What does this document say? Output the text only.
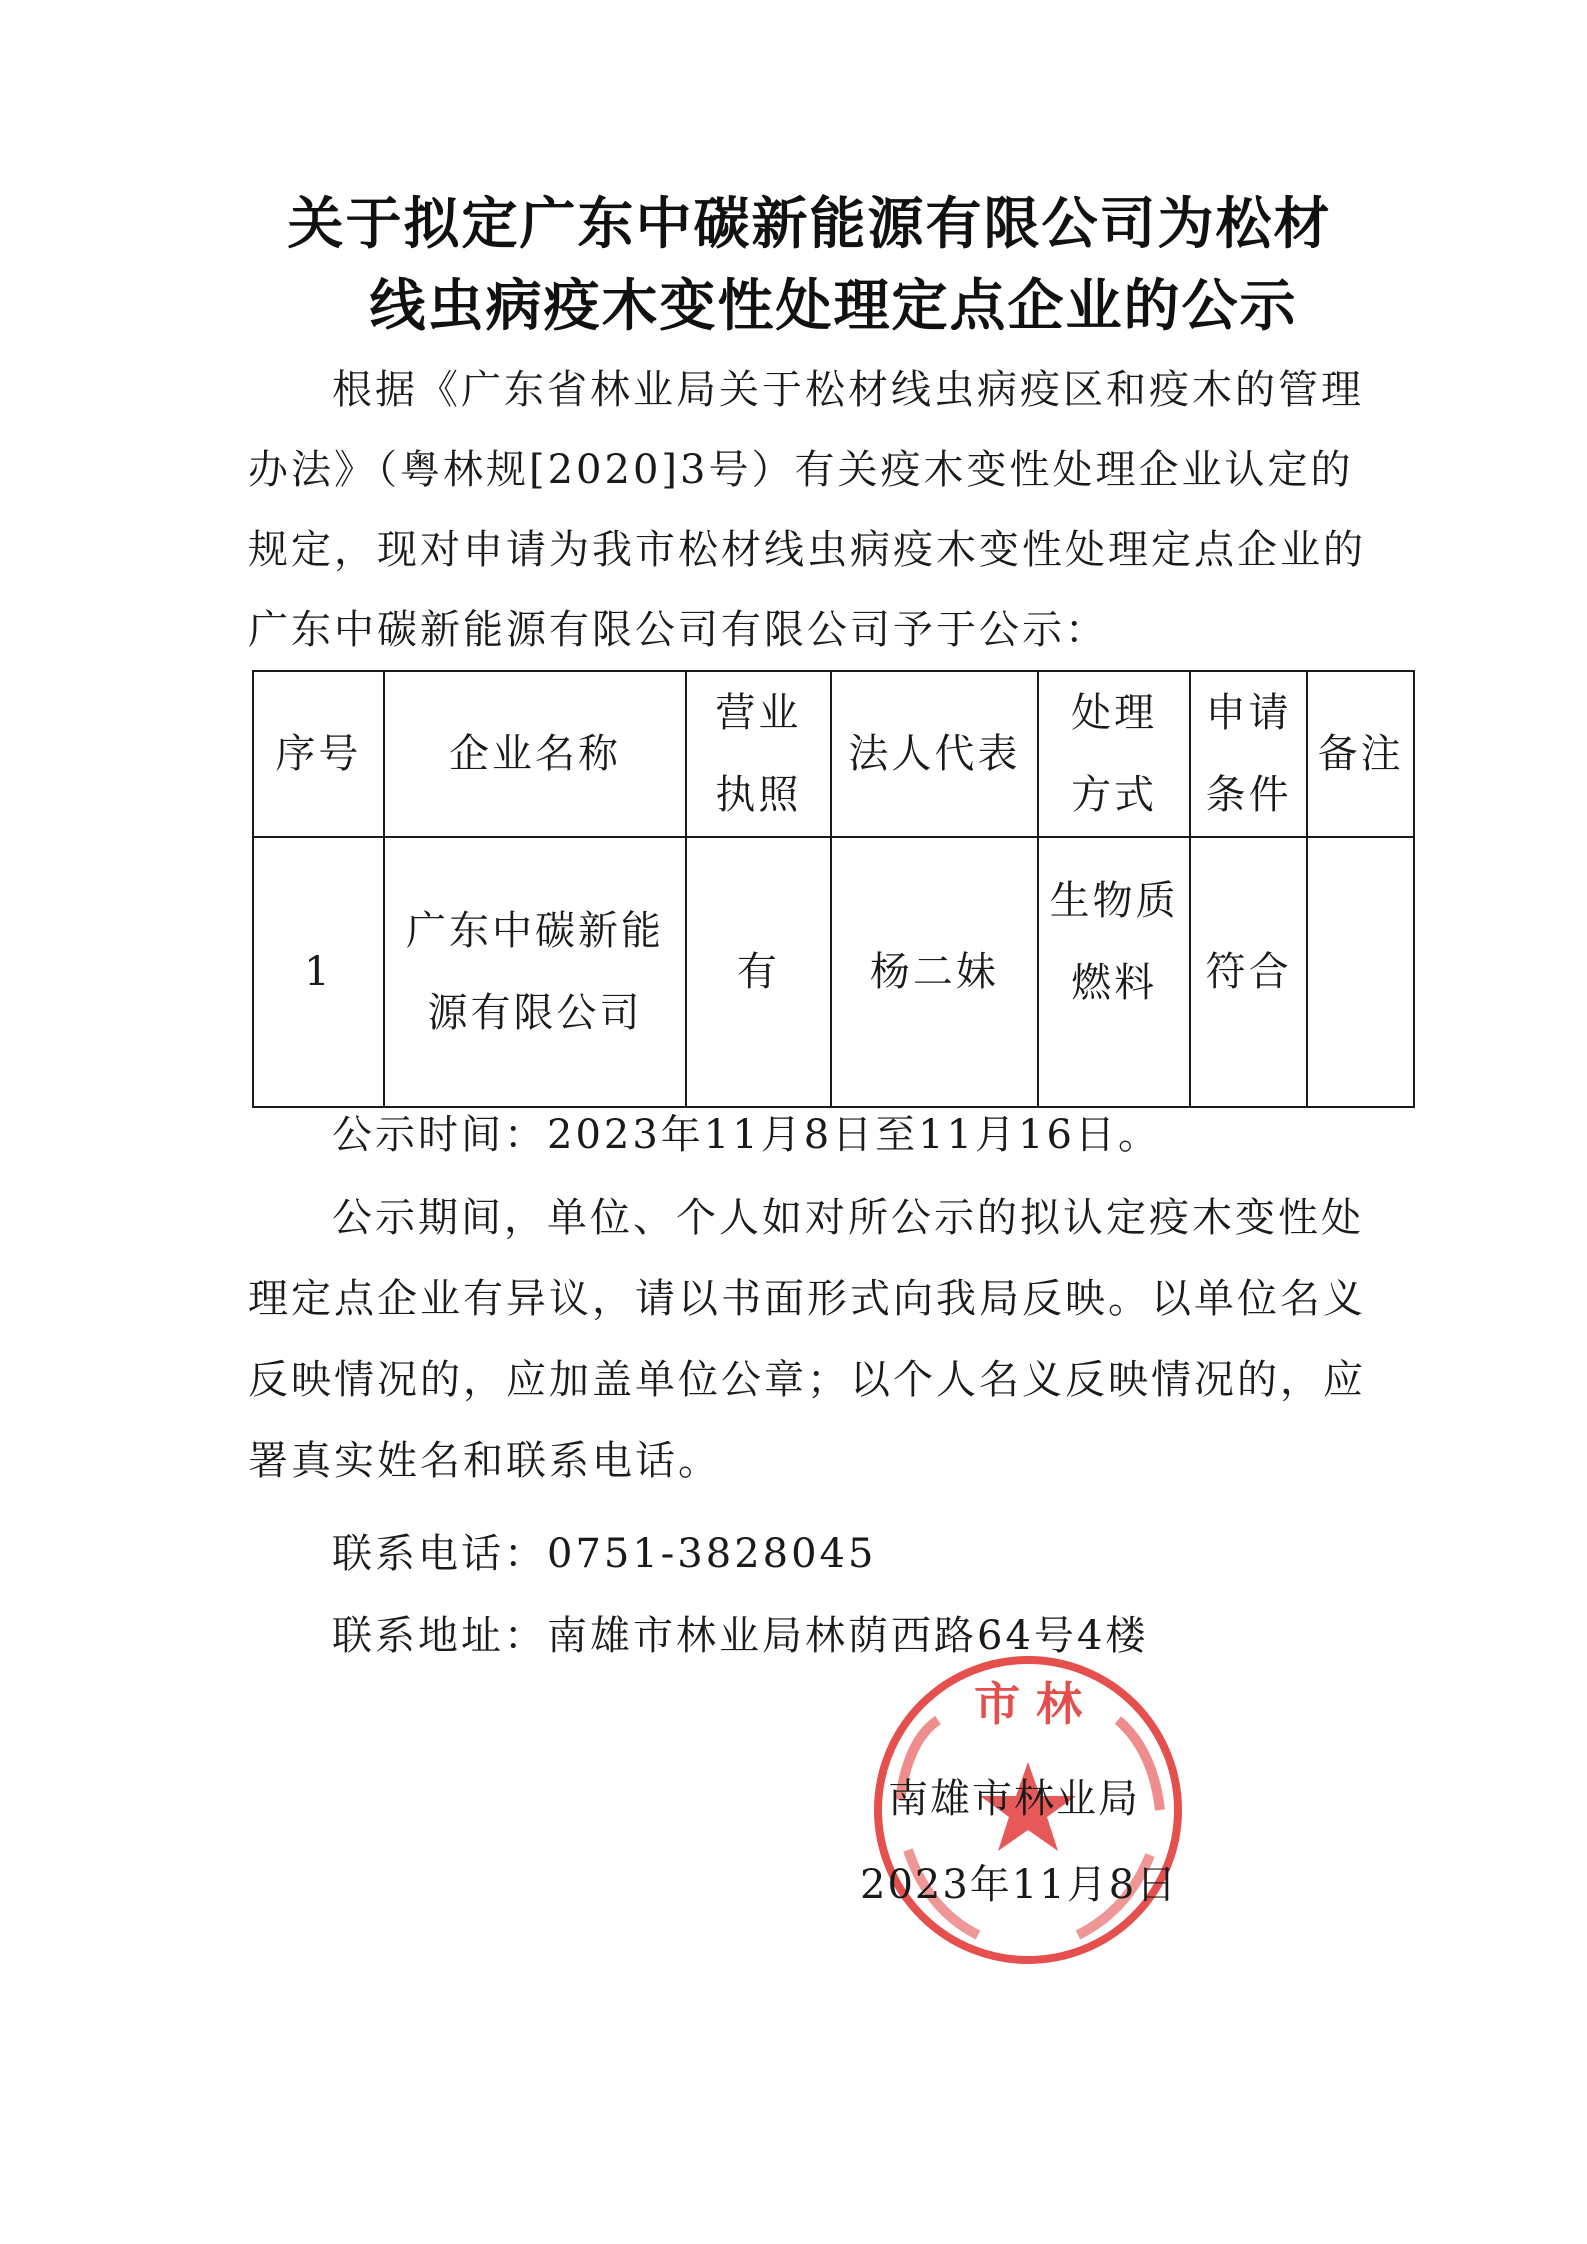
关于拟定广东中碳新能源有限公司为松材
线虫病疫木变性处理定点企业的公示
根据《广东省林业局关于松材线虫病疫区和疫木的管理
办法》（粤林规[2020]3号）有关疫木变性处理企业认定的
规定，现对申请为我市松材线虫病疫木变性处理定点企业的
广东中碳新能源有限公司有限公司予于公示：
序号	企业名称	营业执照	法人代表	处理方式	申请条件	备注
1	广东中碳新能源有限公司	有	杨二妹	生物质燃料	符合	
公示时间：2023年11月8日至11月16日。
公示期间，单位、个人如对所公示的拟认定疫木变性处
理定点企业有异议，请以书面形式向我局反映。以单位名义
反映情况的，应加盖单位公章；以个人名义反映情况的，应
署真实姓名和联系电话。
联系电话：0751-3828045
联系地址：南雄市林业局林荫西路64号4楼
市 林
南雄市林业局
2023年11月8日
